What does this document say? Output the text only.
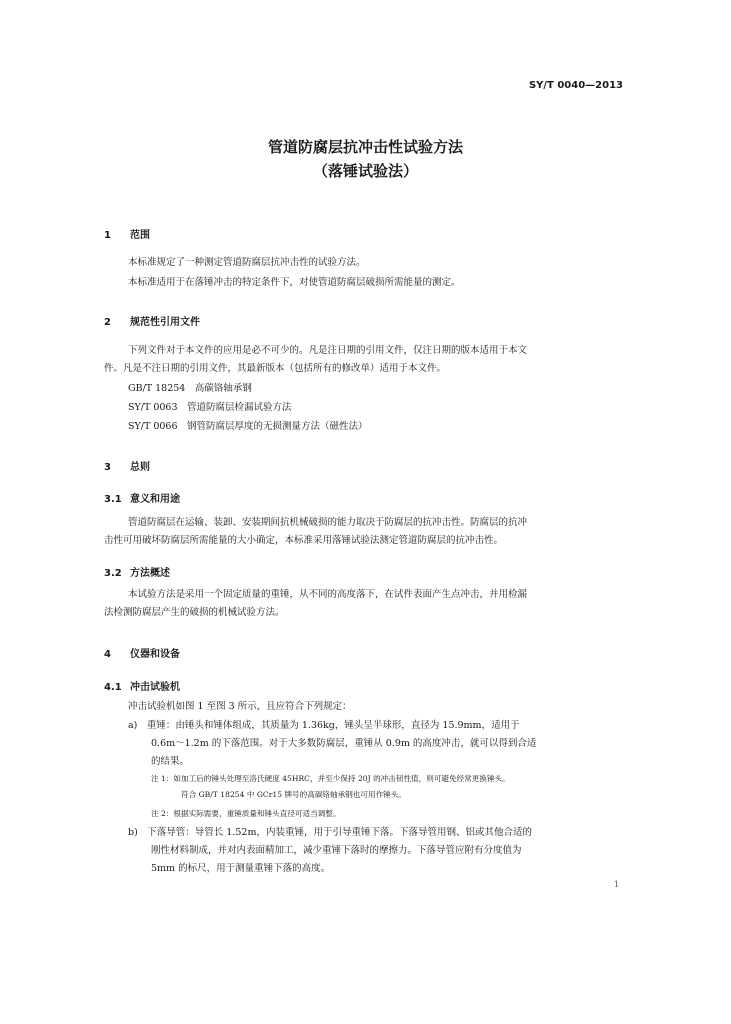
SY/T 0040—2013
管道防腐层抗冲击性试验方法
（落锤试验法）
1 范围
本标准规定了一种测定管道防腐层抗冲击性的试验方法。
本标准适用于在落锤冲击的特定条件下，对使管道防腐层破损所需能量的测定。
2 规范性引用文件
下列文件对于本文件的应用是必不可少的。凡是注日期的引用文件，仅注日期的版本适用于本文
件。凡是不注日期的引用文件，其最新版本（包括所有的修改单）适用于本文件。
GB/T 18254　高碳铬轴承钢
SY/T 0063　管道防腐层检漏试验方法
SY/T 0066　钢管防腐层厚度的无损测量方法（磁性法）
3 总则
3.1 意义和用途
管道防腐层在运输、装卸、安装期间抗机械破损的能力取决于防腐层的抗冲击性。防腐层的抗冲
击性可用破坏防腐层所需能量的大小确定，本标准采用落锤试验法测定管道防腐层的抗冲击性。
3.2 方法概述
本试验方法是采用一个固定质量的重锤，从不同的高度落下，在试件表面产生点冲击，并用检漏
法检测防腐层产生的破损的机械试验方法。
4 仪器和设备
4.1 冲击试验机
冲击试验机如图 1 至图 3 所示，且应符合下列规定：
a)　重锤：由锤头和锤体组成，其质量为 1.36kg，锤头呈半球形，直径为 15.9mm，适用于
0.6m～1.2m 的下落范围。对于大多数防腐层，重锤从 0.9m 的高度冲击，就可以得到合适
的结果。
注 1：如加工后的锤头处理至洛氏硬度 45HRC，并至少保持 20J 的冲击韧性值，则可避免经常更换锤头。
符合 GB/T 18254 中 GCr15 牌号的高碳铬轴承钢也可用作锤头。
注 2：根据实际需要，重锤质量和锤头直径可适当调整。
b)　下落导管：导管长 1.52m，内装重锤，用于引导重锤下落。下落导管用钢、铝或其他合适的
刚性材料制成，并对内表面精加工，减少重锤下落时的摩擦力。下落导管应附有分度值为
5mm 的标尺，用于测量重锤下落的高度。
1
